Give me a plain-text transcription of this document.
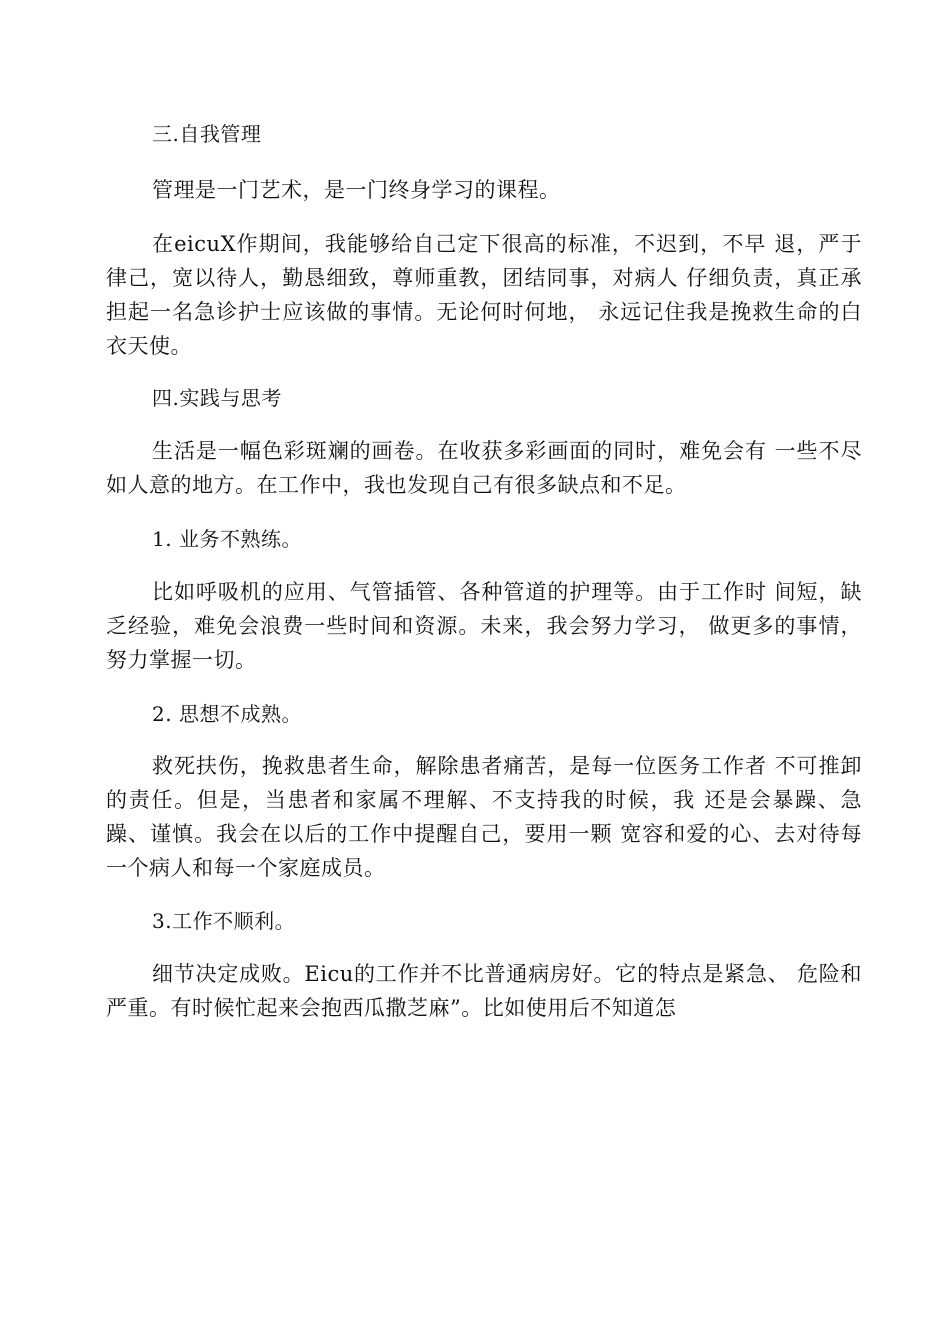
三.自我管理

管理是一门艺术，是一门终身学习的课程。

在eicuX作期间，我能够给自己定下很高的标准，不迟到，不早 退，严于律己，宽以待人，勤恳细致，尊师重教，团结同事，对病人 仔细负责，真正承担起一名急诊护士应该做的事情。无论何时何地， 永远记住我是挽救生命的白衣天使。

四.实践与思考

生活是一幅色彩斑斓的画卷。在收获多彩画面的同时，难免会有 一些不尽如人意的地方。在工作中，我也发现自己有很多缺点和不足。

1. 业务不熟练。

比如呼吸机的应用、气管插管、各种管道的护理等。由于工作时 间短，缺乏经验，难免会浪费一些时间和资源。未来，我会努力学习， 做更多的事情，努力掌握一切。

2. 思想不成熟。

救死扶伤，挽救患者生命，解除患者痛苦，是每一位医务工作者 不可推卸的责任。但是，当患者和家属不理解、不支持我的时候，我 还是会暴躁、急躁、谨慎。我会在以后的工作中提醒自己，要用一颗 宽容和爱的心、去对待每一个病人和每一个家庭成员。

3.工作不顺利。

细节决定成败。Eicu的工作并不比普通病房好。它的特点是紧急、 危险和严重。有时候忙起来会抱西瓜撒芝麻”。比如使用后不知道怎
